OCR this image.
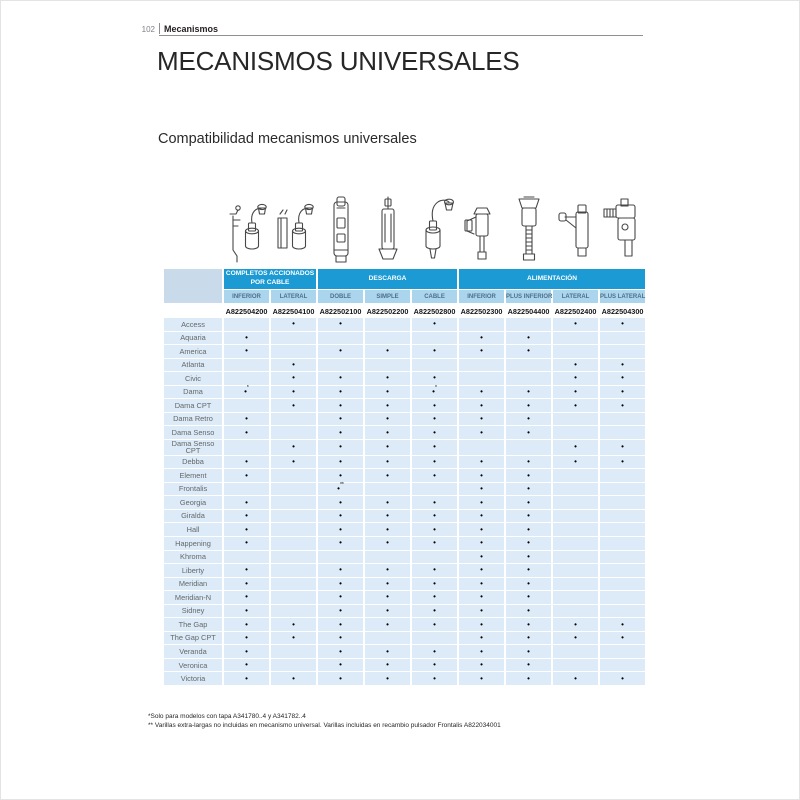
102 Mecanismos
MECANISMOS UNIVERSALES
Compatibilidad mecanismos universales
	COMPLETOS ACCIONADOS POR CABLE		DESCARGA			ALIMENTACIÓN			
	INFERIOR	LATERAL	DOBLE	SIMPLE	CABLE	INFERIOR	PLUS INFERIOR	LATERAL	PLUS LATERAL
	A822504200	A822504100	A822502100	A822502200	A822502800	A822502300	A822504400	A822502400	A822504300
Access		•	•		•			•	•
Aquaria	•					•	•		
America	•		•	•	•	•	•		
Atlanta		•						•	•
Civic		•	•	•	•			•	•
Dama	•*	•	•	•	•*	•	•	•	•
Dama CPT		•	•	•	•	•	•	•	•
Dama Retro	•		•	•	•	•	•		
Dama Senso	•		•	•	•	•	•		
Dama Senso CPT		•	•	•	•			•	•
Debba	•	•	•	•	•	•	•	•	•
Element	•		•	•	•	•	•		
Frontalis			•**			•	•		
Georgia	•		•	•	•	•	•		
Giralda	•		•	•	•	•	•		
Hall	•		•	•	•	•	•		
Happening	•		•	•	•	•	•		
Khroma						•	•		
Liberty	•		•	•	•	•	•		
Meridian	•		•	•	•	•	•		
Meridian-N	•		•	•	•	•	•		
Sidney	•		•	•	•	•	•		
The Gap	•	•	•	•	•	•	•	•	•
The Gap CPT	•	•	•			•	•	•	•
Veranda	•		•	•	•	•	•		
Veronica	•		•	•	•	•	•		
Victoria	•	•	•	•	•	•	•	•	•
*Solo para modelos con tapa A341780..4 y A341782..4
** Varillas extra-largas no incluidas en mecanismo universal. Varillas incluidas en recambio pulsador Frontalis A822034001
